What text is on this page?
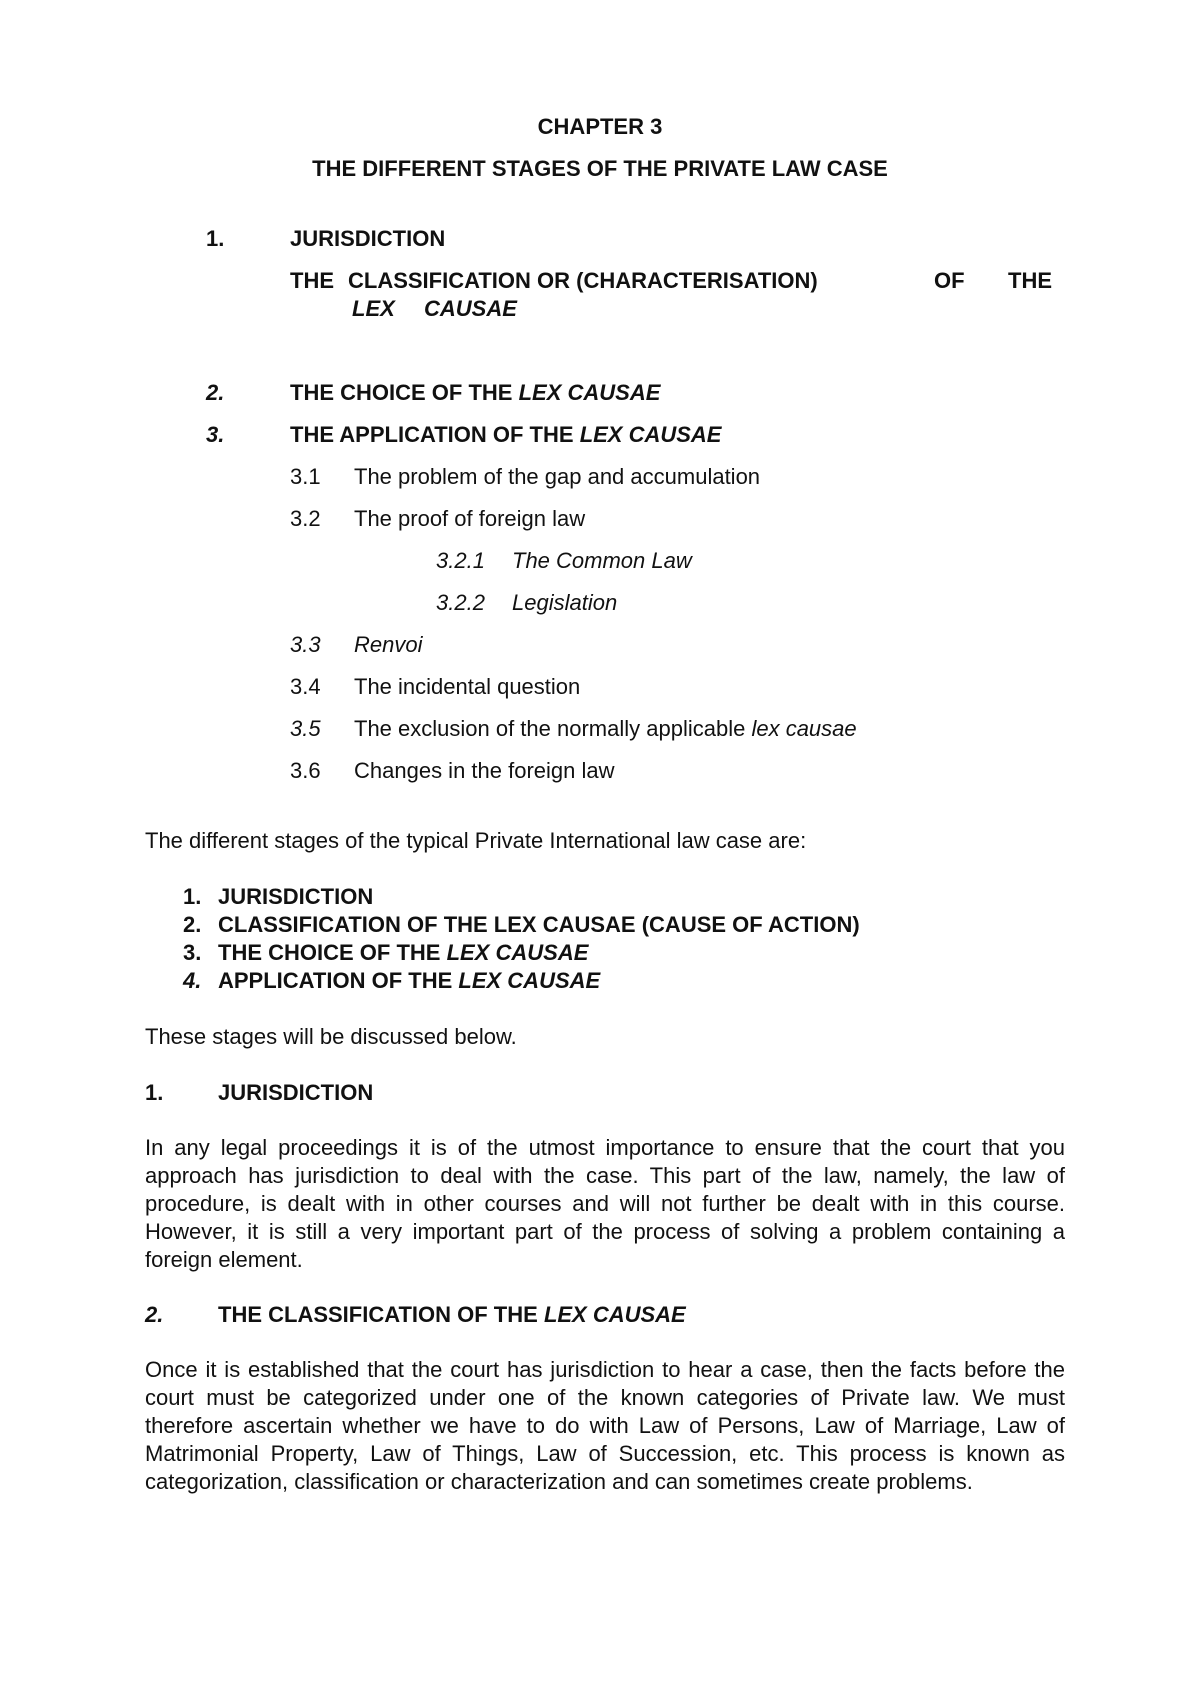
CHAPTER 3
THE DIFFERENT STAGES OF THE PRIVATE LAW CASE
1.	JURISDICTION
THE CLASSIFICATION OR (CHARACTERISATION)	OF THE
LEX CAUSAE
2.	THE CHOICE OF THE LEX CAUSAE
3.	THE APPLICATION OF THE LEX CAUSAE
3.1 The problem of the gap and accumulation
3.2 The proof of foreign law
3.2.1 The Common Law
3.2.2 Legislation
3.3 Renvoi
3.4 The incidental question
3.5 The exclusion of the normally applicable lex causae
3.6 Changes in the foreign law
The different stages of the typical Private International law case are:
1. JURISDICTION
2. CLASSIFICATION OF THE LEX CAUSAE (CAUSE OF ACTION)
3. THE CHOICE OF THE LEX CAUSAE
4. APPLICATION OF THE LEX CAUSAE
These stages will be discussed below.
1. JURISDICTION
In any legal proceedings it is of the utmost importance to ensure that the court that you approach has jurisdiction to deal with the case. This part of the law, namely, the law of procedure, is dealt with in other courses and will not further be dealt with in this course. However, it is still a very important part of the process of solving a problem containing a foreign element.
2. THE CLASSIFICATION OF THE LEX CAUSAE
Once it is established that the court has jurisdiction to hear a case, then the facts before the court must be categorized under one of the known categories of Private law. We must therefore ascertain whether we have to do with Law of Persons, Law of Marriage, Law of Matrimonial Property, Law of Things, Law of Succession, etc. This process is known as categorization, classification or characterization and can sometimes create problems.
